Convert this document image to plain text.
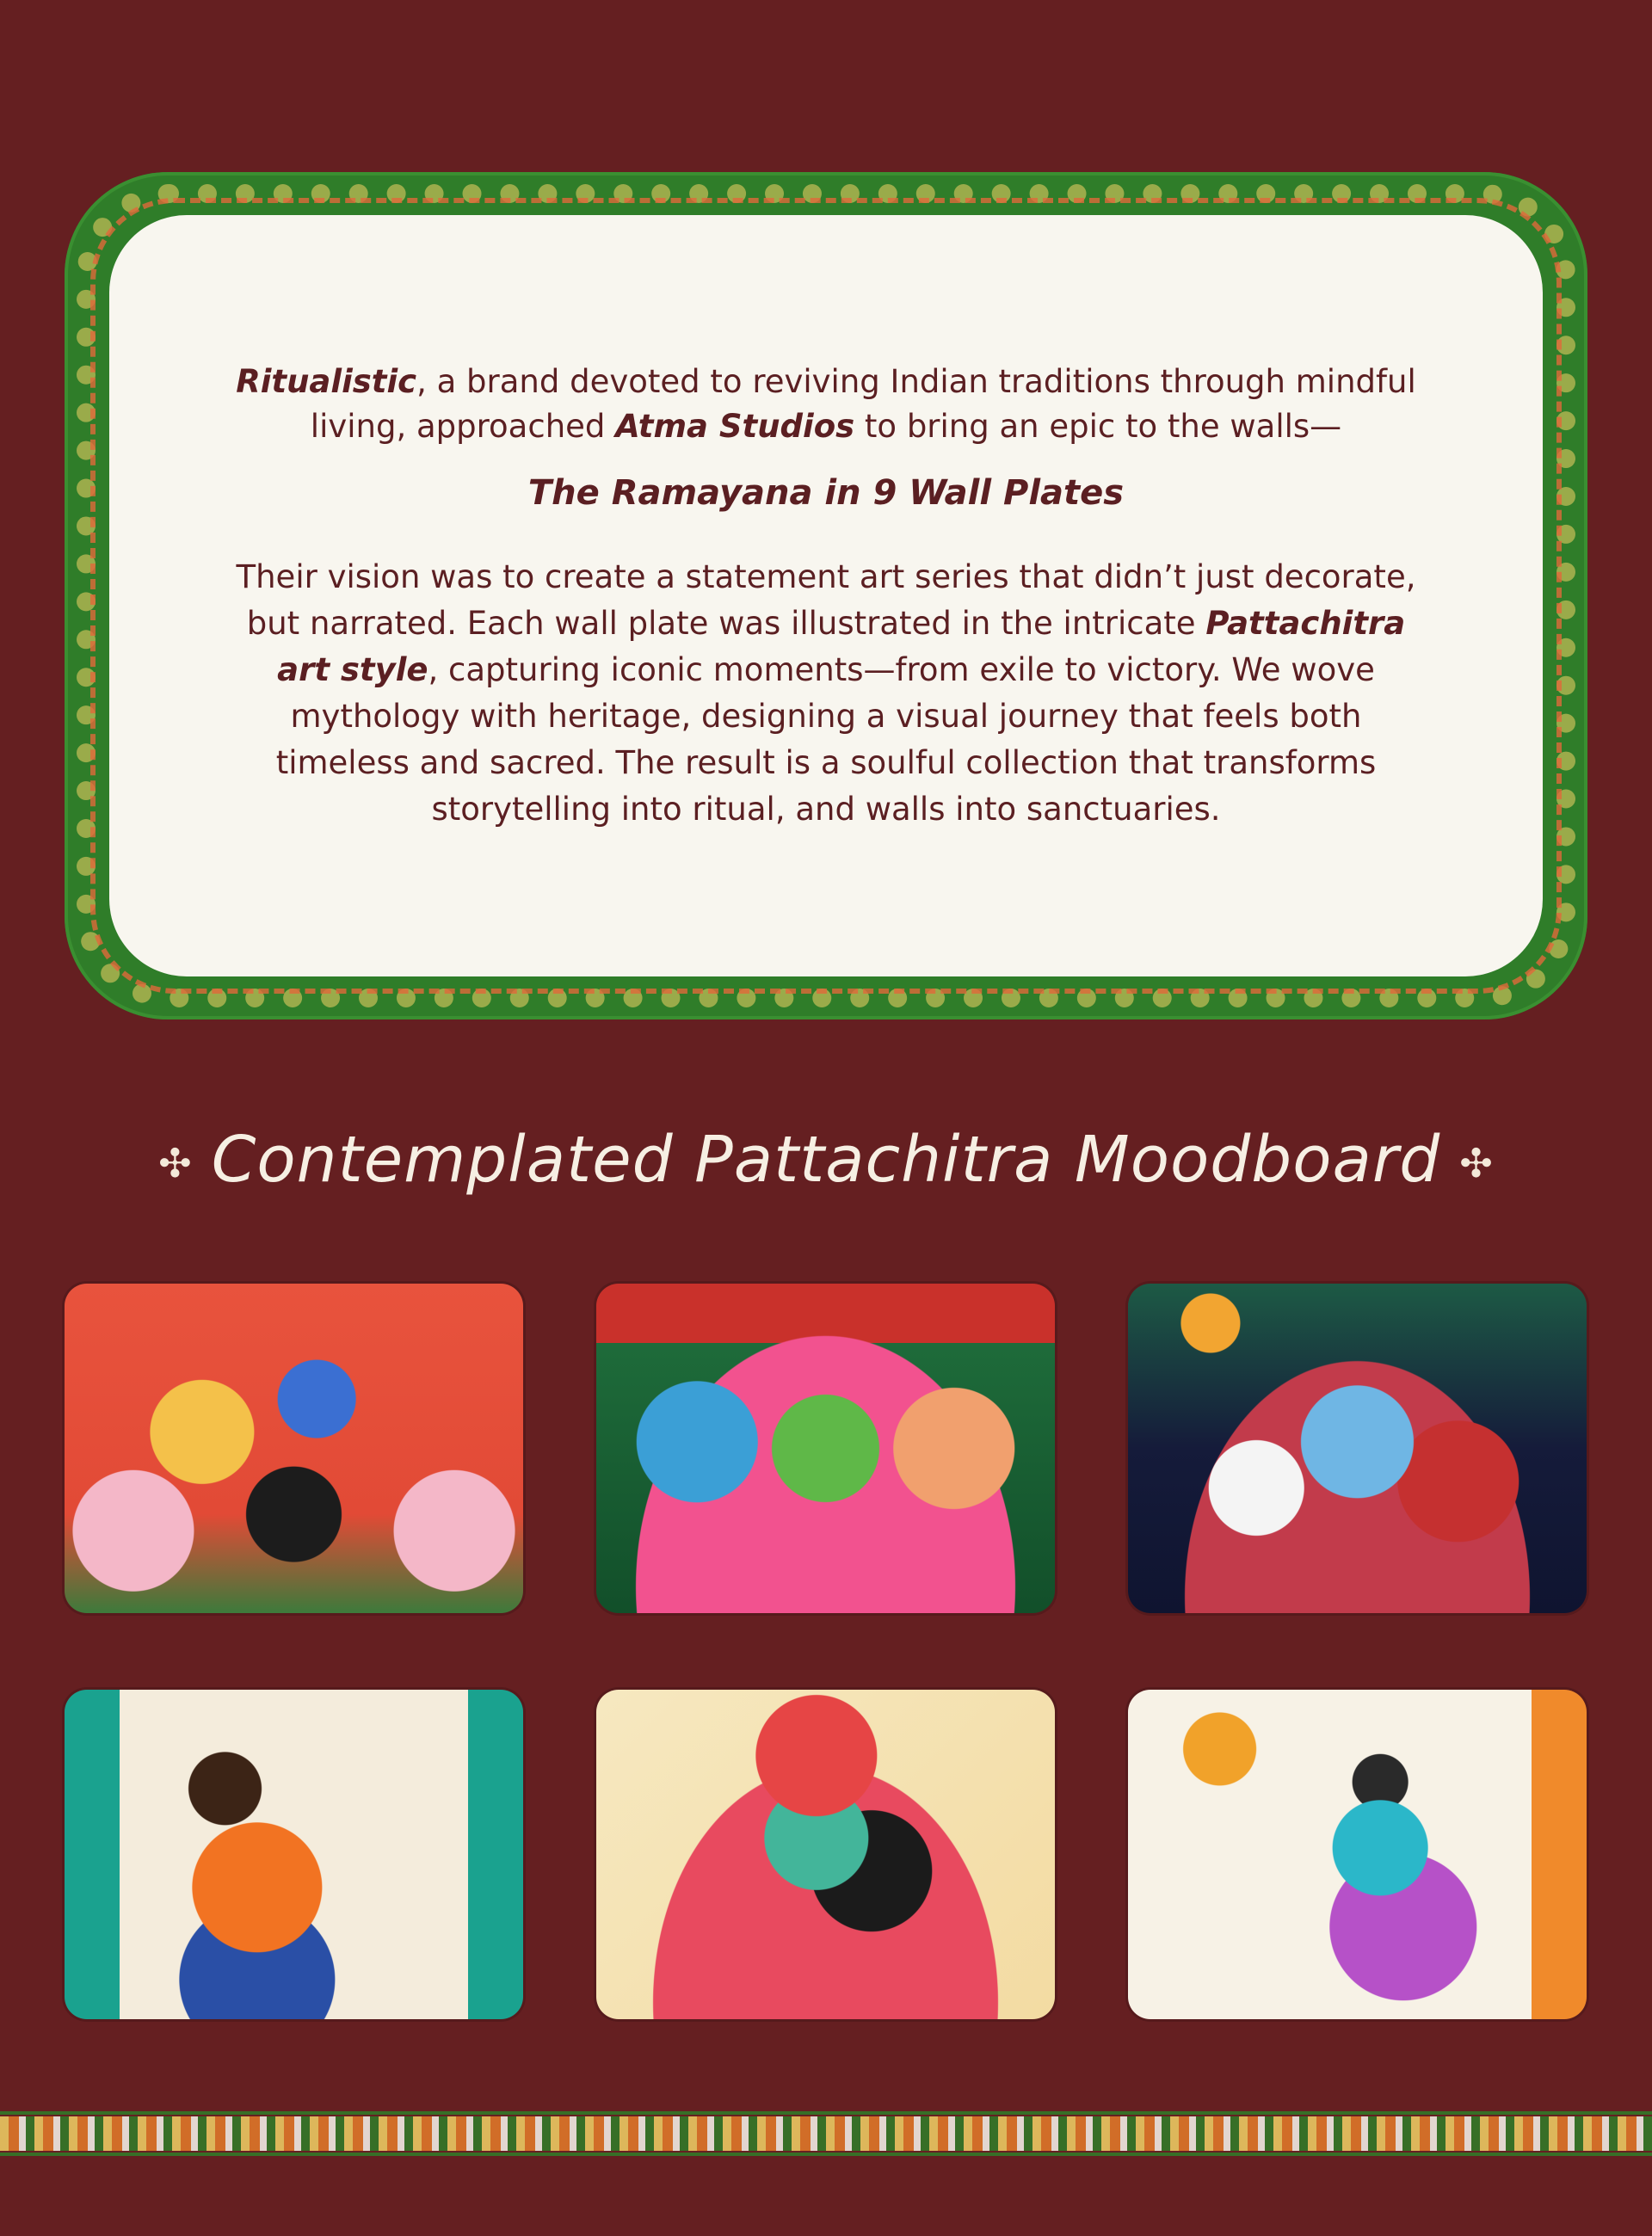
Ritualistic, a brand devoted to reviving Indian traditions through mindful living, approached Atma Studios to bring an epic to the walls—

The Ramayana in 9 Wall Plates

Their vision was to create a statement art series that didn’t just decorate, but narrated. Each wall plate was illustrated in the intricate Pattachitra art style, capturing iconic moments—from exile to victory. We wove mythology with heritage, designing a visual journey that feels both timeless and sacred. The result is a soulful collection that transforms storytelling into ritual, and walls into sanctuaries.

✣ Contemplated Pattachitra Moodboard ✣
